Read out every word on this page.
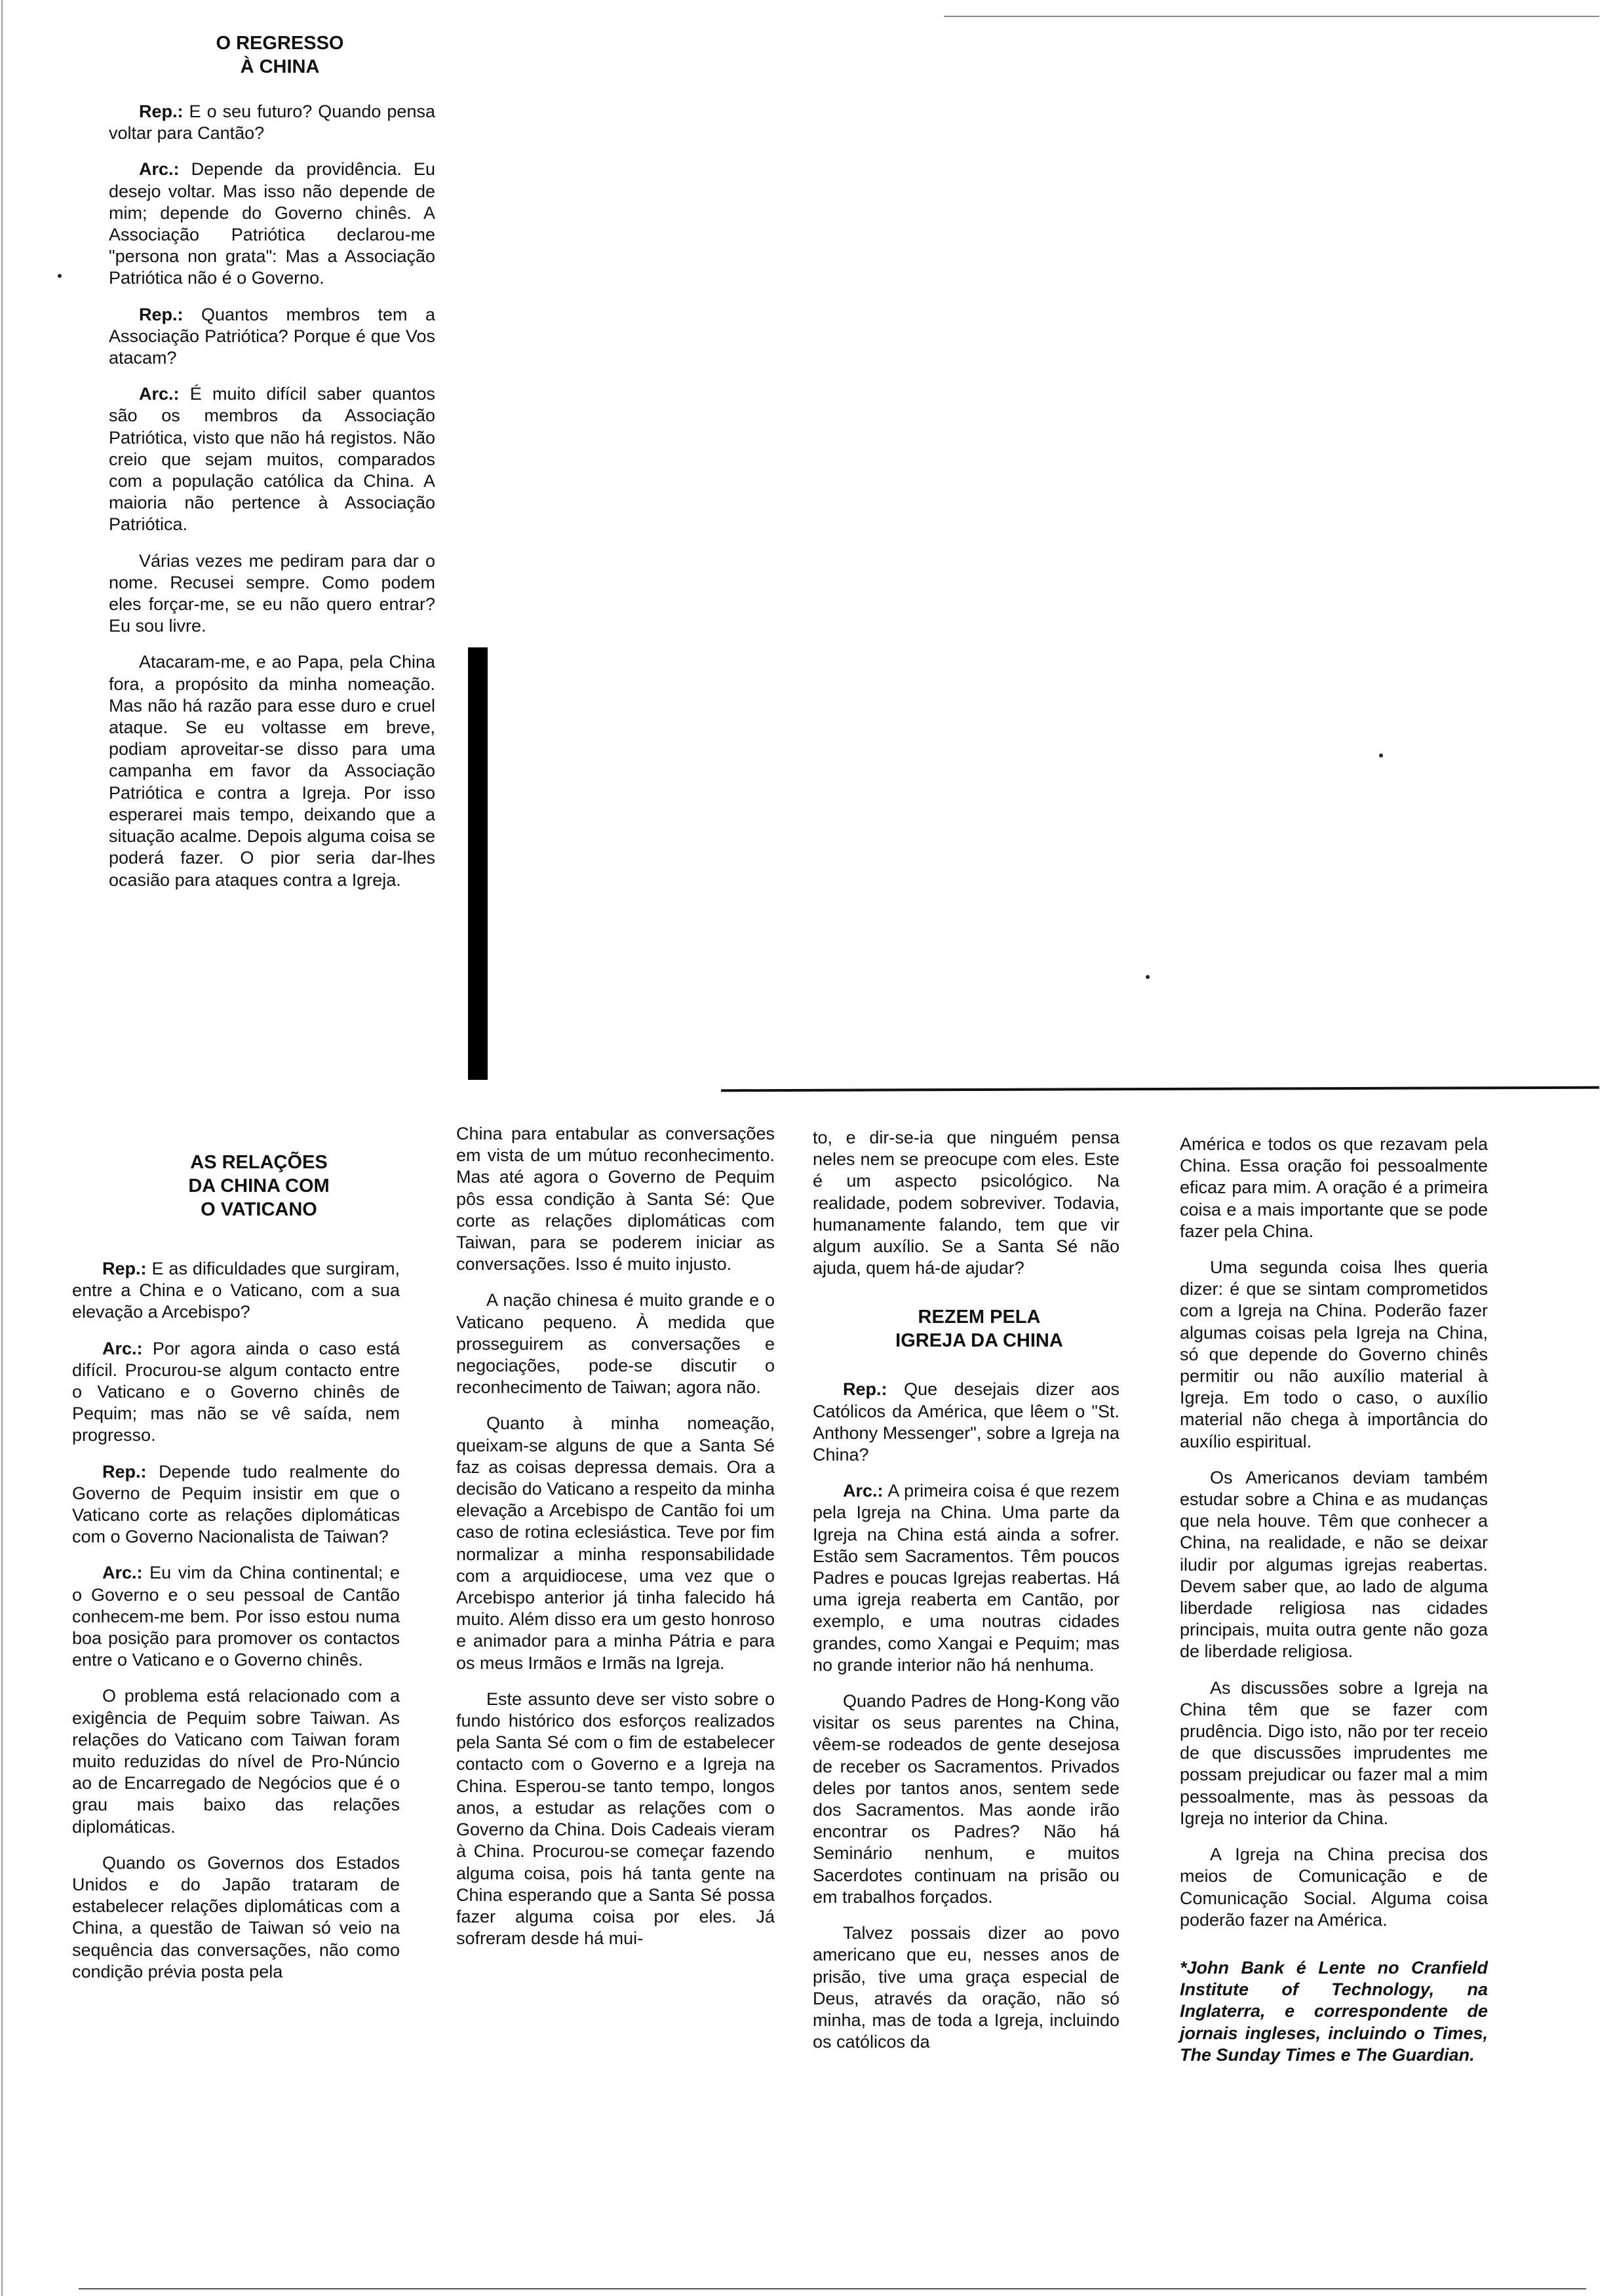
O REGRESSO
À CHINA

Rep.: E o seu futuro? Quando pensa voltar para Cantão?

Arc.: Depende da providência. Eu desejo voltar. Mas isso não depende de mim; depende do Governo chinês. A Associação Patriótica declarou-me "persona non grata": Mas a Associação Patriótica não é o Governo.

Rep.: Quantos membros tem a Associação Patriótica? Porque é que Vos atacam?

Arc.: É muito difícil saber quantos são os membros da Associação Patriótica, visto que não há registos. Não creio que sejam muitos, comparados com a população católica da China. A maioria não pertence à Associação Patriótica.

Várias vezes me pediram para dar o nome. Recusei sempre. Como podem eles forçar-me, se eu não quero entrar? Eu sou livre.

Atacaram-me, e ao Papa, pela China fora, a propósito da minha nomeação. Mas não há razão para esse duro e cruel ataque. Se eu voltasse em breve, podiam aproveitar-se disso para uma campanha em favor da Associação Patriótica e contra a Igreja. Por isso esperarei mais tempo, deixando que a situação acalme. Depois alguma coisa se poderá fazer. O pior seria dar-lhes ocasião para ataques contra a Igreja.

AS RELAÇÕES
DA CHINA COM
O VATICANO

Rep.: E as dificuldades que surgiram, entre a China e o Vaticano, com a sua elevação a Arcebispo?

Arc.: Por agora ainda o caso está difícil. Procurou-se algum contacto entre o Vaticano e o Governo chinês de Pequim; mas não se vê saída, nem progresso.

Rep.: Depende tudo realmente do Governo de Pequim insistir em que o Vaticano corte as relações diplomáticas com o Governo Nacionalista de Taiwan?

Arc.: Eu vim da China continental; e o Governo e o seu pessoal de Cantão conhecem-me bem. Por isso estou numa boa posição para promover os contactos entre o Vaticano e o Governo chinês.

O problema está relacionado com a exigência de Pequim sobre Taiwan. As relações do Vaticano com Taiwan foram muito reduzidas do nível de Pro-Núncio ao de Encarregado de Negócios que é o grau mais baixo das relações diplomáticas.

Quando os Governos dos Estados Unidos e do Japão trataram de estabelecer relações diplomáticas com a China, a questão de Taiwan só veio na sequência das conversações, não como condição prévia posta pela

China para entabular as conversações em vista de um mútuo reconhecimento. Mas até agora o Governo de Pequim pôs essa condição à Santa Sé: Que corte as relações diplomáticas com Taiwan, para se poderem iniciar as conversações. Isso é muito injusto.

A nação chinesa é muito grande e o Vaticano pequeno. À medida que prosseguirem as conversações e negociações, pode-se discutir o reconhecimento de Taiwan; agora não.

Quanto à minha nomeação, queixam-se alguns de que a Santa Sé faz as coisas depressa demais. Ora a decisão do Vaticano a respeito da minha elevação a Arcebispo de Cantão foi um caso de rotina eclesiástica. Teve por fim normalizar a minha responsabilidade com a arquidiocese, uma vez que o Arcebispo anterior já tinha falecido há muito. Além disso era um gesto honroso e animador para a minha Pátria e para os meus Irmãos e Irmãs na Igreja.

Este assunto deve ser visto sobre o fundo histórico dos esforços realizados pela Santa Sé com o fim de estabelecer contacto com o Governo e a Igreja na China. Esperou-se tanto tempo, longos anos, a estudar as relações com o Governo da China. Dois Cadeais vieram à China. Procurou-se começar fazendo alguma coisa, pois há tanta gente na China esperando que a Santa Sé possa fazer alguma coisa por eles. Já sofreram desde há mui-

to, e dir-se-ia que ninguém pensa neles nem se preocupe com eles. Este é um aspecto psicológico. Na realidade, podem sobreviver. Todavia, humanamente falando, tem que vir algum auxílio. Se a Santa Sé não ajuda, quem há-de ajudar?

REZEM PELA
IGREJA DA CHINA

Rep.: Que desejais dizer aos Católicos da América, que lêem o "St. Anthony Messenger", sobre a Igreja na China?

Arc.: A primeira coisa é que rezem pela Igreja na China. Uma parte da Igreja na China está ainda a sofrer. Estão sem Sacramentos. Têm poucos Padres e poucas Igrejas reabertas. Há uma igreja reaberta em Cantão, por exemplo, e uma noutras cidades grandes, como Xangai e Pequim; mas no grande interior não há nenhuma.

Quando Padres de Hong-Kong vão visitar os seus parentes na China, vêem-se rodeados de gente desejosa de receber os Sacramentos. Privados deles por tantos anos, sentem sede dos Sacramentos. Mas aonde irão encontrar os Padres? Não há Seminário nenhum, e muitos Sacerdotes continuam na prisão ou em trabalhos forçados.

Talvez possais dizer ao povo americano que eu, nesses anos de prisão, tive uma graça especial de Deus, através da oração, não só minha, mas de toda a Igreja, incluindo os católicos da

América e todos os que rezavam pela China. Essa oração foi pessoalmente eficaz para mim. A oração é a primeira coisa e a mais importante que se pode fazer pela China.

Uma segunda coisa lhes queria dizer: é que se sintam comprometidos com a Igreja na China. Poderão fazer algumas coisas pela Igreja na China, só que depende do Governo chinês permitir ou não auxílio material à Igreja. Em todo o caso, o auxílio material não chega à importância do auxílio espiritual.

Os Americanos deviam também estudar sobre a China e as mudanças que nela houve. Têm que conhecer a China, na realidade, e não se deixar iludir por algumas igrejas reabertas. Devem saber que, ao lado de alguma liberdade religiosa nas cidades principais, muita outra gente não goza de liberdade religiosa.

As discussões sobre a Igreja na China têm que se fazer com prudência. Digo isto, não por ter receio de que discussões imprudentes me possam prejudicar ou fazer mal a mim pessoalmente, mas às pessoas da Igreja no interior da China.

A Igreja na China precisa dos meios de Comunicação e de Comunicação Social. Alguma coisa poderão fazer na América.

*John Bank é Lente no Cranfield Institute of Technology, na Inglaterra, e correspondente de jornais ingleses, incluindo o Times, The Sunday Times e The Guardian.
